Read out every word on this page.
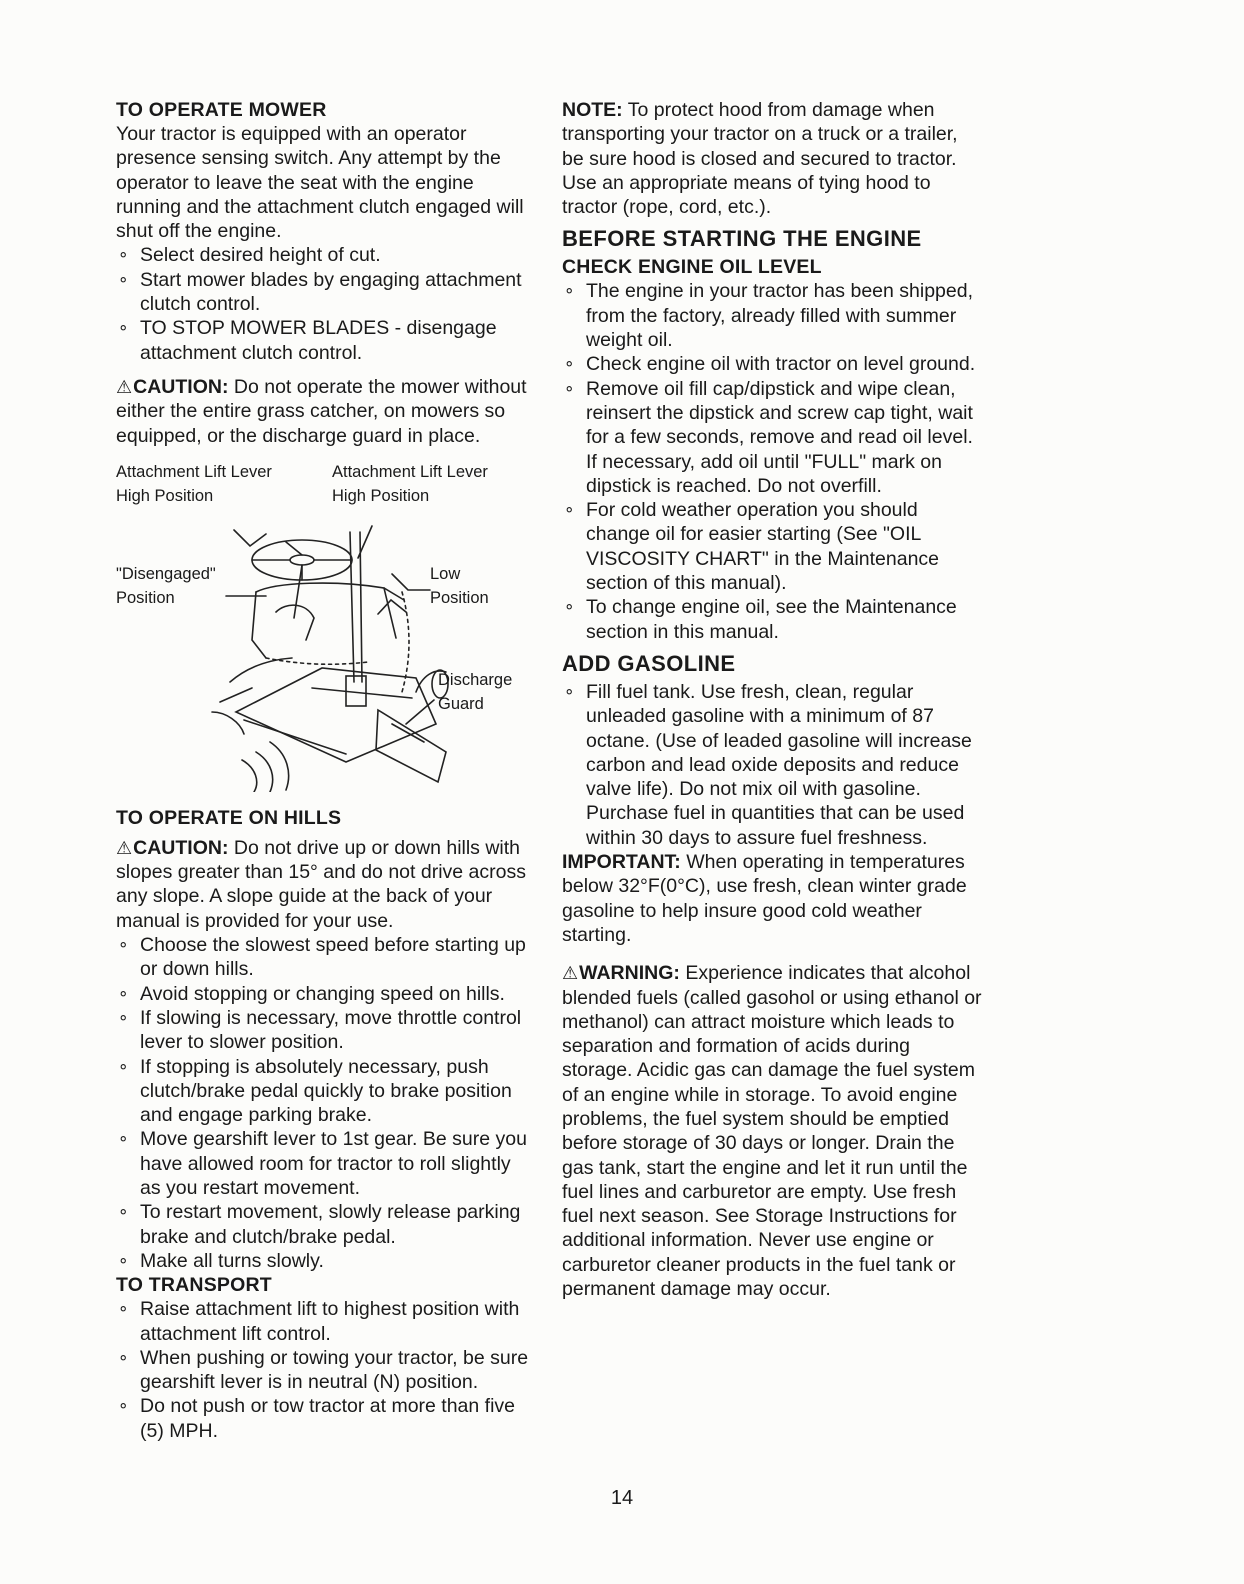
TO OPERATE MOWER

Your tractor is equipped with an operator presence sensing switch. Any attempt by the operator to leave the seat with the engine running and the attachment clutch engaged will shut off the engine.

∘ Select desired height of cut.
∘ Start mower blades by engaging attachment clutch control.
∘ TO STOP MOWER BLADES - disengage attachment clutch control.

⚠CAUTION: Do not operate the mower without either the entire grass catcher, on mowers so equipped, or the discharge guard in place.

Attachment Lift Lever
High Position
Attachment Lift Lever
High Position
"Disengaged"
Position
Low
Position
Discharge
Guard
TO OPERATE ON HILLS

⚠CAUTION: Do not drive up or down hills with slopes greater than 15° and do not drive across any slope. A slope guide at the back of your manual is provided for your use.

∘ Choose the slowest speed before starting up or down hills.
∘ Avoid stopping or changing speed on hills.
∘ If slowing is necessary, move throttle control lever to slower position.
∘ If stopping is absolutely necessary, push clutch/brake pedal quickly to brake position and engage parking brake.
∘ Move gearshift lever to 1st gear. Be sure you have allowed room for tractor to roll slightly as you restart movement.
∘ To restart movement, slowly release parking brake and clutch/brake pedal.
∘ Make all turns slowly.
TO TRANSPORT
∘ Raise attachment lift to highest position with attachment lift control.
∘ When pushing or towing your tractor, be sure gearshift lever is in neutral (N) position.
∘ Do not push or tow tractor at more than five (5) MPH.

NOTE: To protect hood from damage when transporting your tractor on a truck or a trailer, be sure hood is closed and secured to tractor. Use an appropriate means of tying hood to tractor (rope, cord, etc.).

BEFORE STARTING THE ENGINE
CHECK ENGINE OIL LEVEL
∘ The engine in your tractor has been shipped, from the factory, already filled with summer weight oil.
∘ Check engine oil with tractor on level ground.
∘ Remove oil fill cap/dipstick and wipe clean, reinsert the dipstick and screw cap tight, wait for a few seconds, remove and read oil level. If necessary, add oil until "FULL" mark on dipstick is reached. Do not overfill.
∘ For cold weather operation you should change oil for easier starting (See "OIL VISCOSITY CHART" in the Maintenance section of this manual).
∘ To change engine oil, see the Maintenance section in this manual.
ADD GASOLINE
∘ Fill fuel tank. Use fresh, clean, regular unleaded gasoline with a minimum of 87 octane. (Use of leaded gasoline will increase carbon and lead oxide deposits and reduce valve life). Do not mix oil with gasoline. Purchase fuel in quantities that can be used within 30 days to assure fuel freshness.

IMPORTANT: When operating in temperatures below 32°F(0°C), use fresh, clean winter grade gasoline to help insure good cold weather starting.

⚠WARNING: Experience indicates that alcohol blended fuels (called gasohol or using ethanol or methanol) can attract moisture which leads to separation and formation of acids during storage. Acidic gas can damage the fuel system of an engine while in storage. To avoid engine problems, the fuel system should be emptied before storage of 30 days or longer. Drain the gas tank, start the engine and let it run until the fuel lines and carburetor are empty. Use fresh fuel next season. See Storage Instructions for additional information. Never use engine or carburetor cleaner products in the fuel tank or permanent damage may occur.

14
